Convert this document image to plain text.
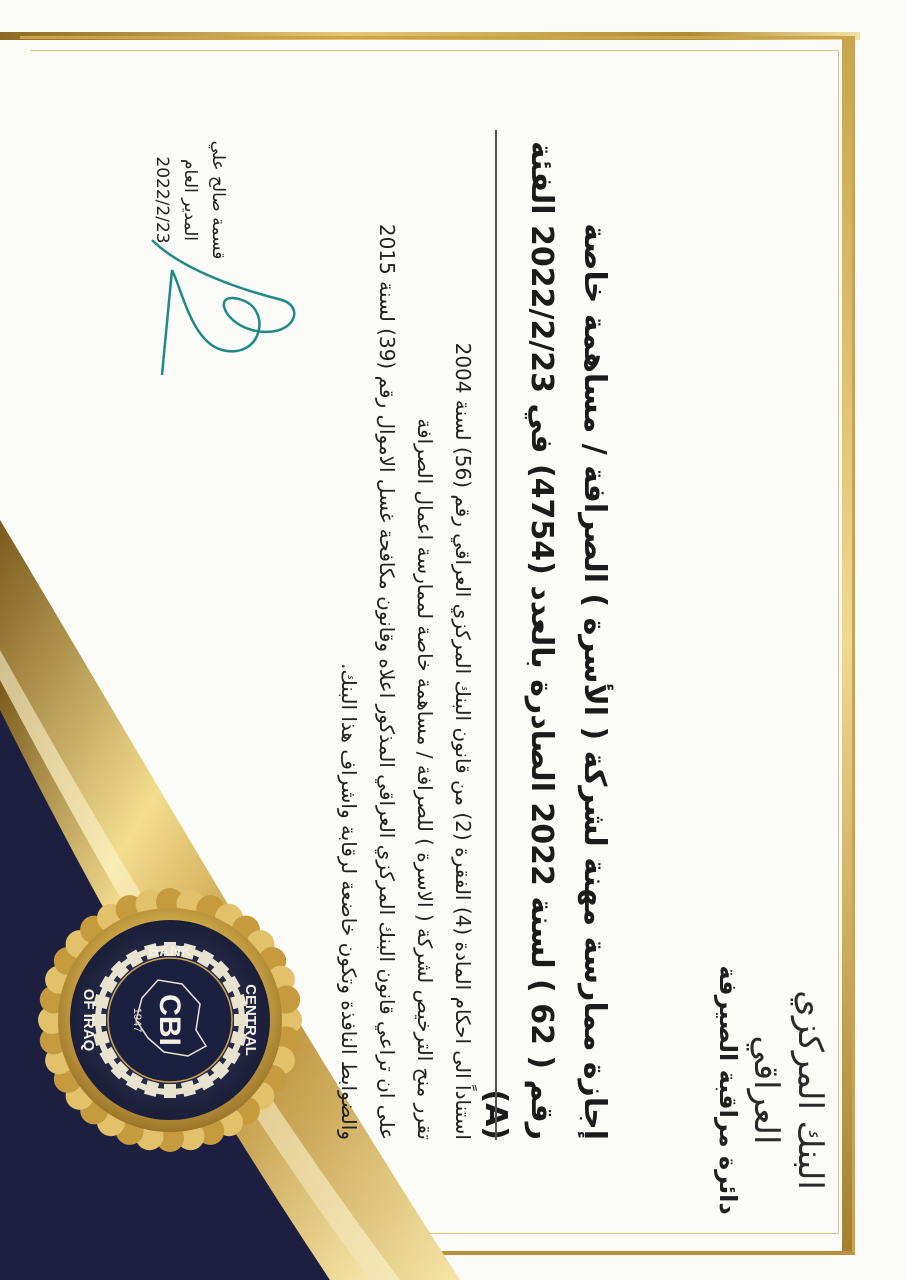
CBI
1947	CENTRAL
BANK
OF IRAQ	البنك المركزي العراقي
دائرة مراقبة الصيرفة
إجازة ممارسة مهنة لشركة ( الأسرة ) الصرافة / مساهمة خاصة
رقم ( 62 ) لسنة 2022 الصادرة بالعدد (4754) في 2022/2/23 الفئة (A)

استناداً الى احكام المادة (4) الفقرة (2) من قانون البنك المركزي العراقي رقم (56) لسنة 2004

تقرر منح الترخيص لشركة ( الاسرة ) للصرافة / مساهمة خاصة لممارسة اعمال الصرافة

على ان تراعي قانون البنك المركزي العراقي المذكور اعلاه وقانون مكافحة غسل الاموال رقم (39) لسنة 2015

والضوابط النافذة وتكون خاضعة لرقابة واشراف هذا البنك.

قسمة صالح علي
المدير العام
2022/2/23
